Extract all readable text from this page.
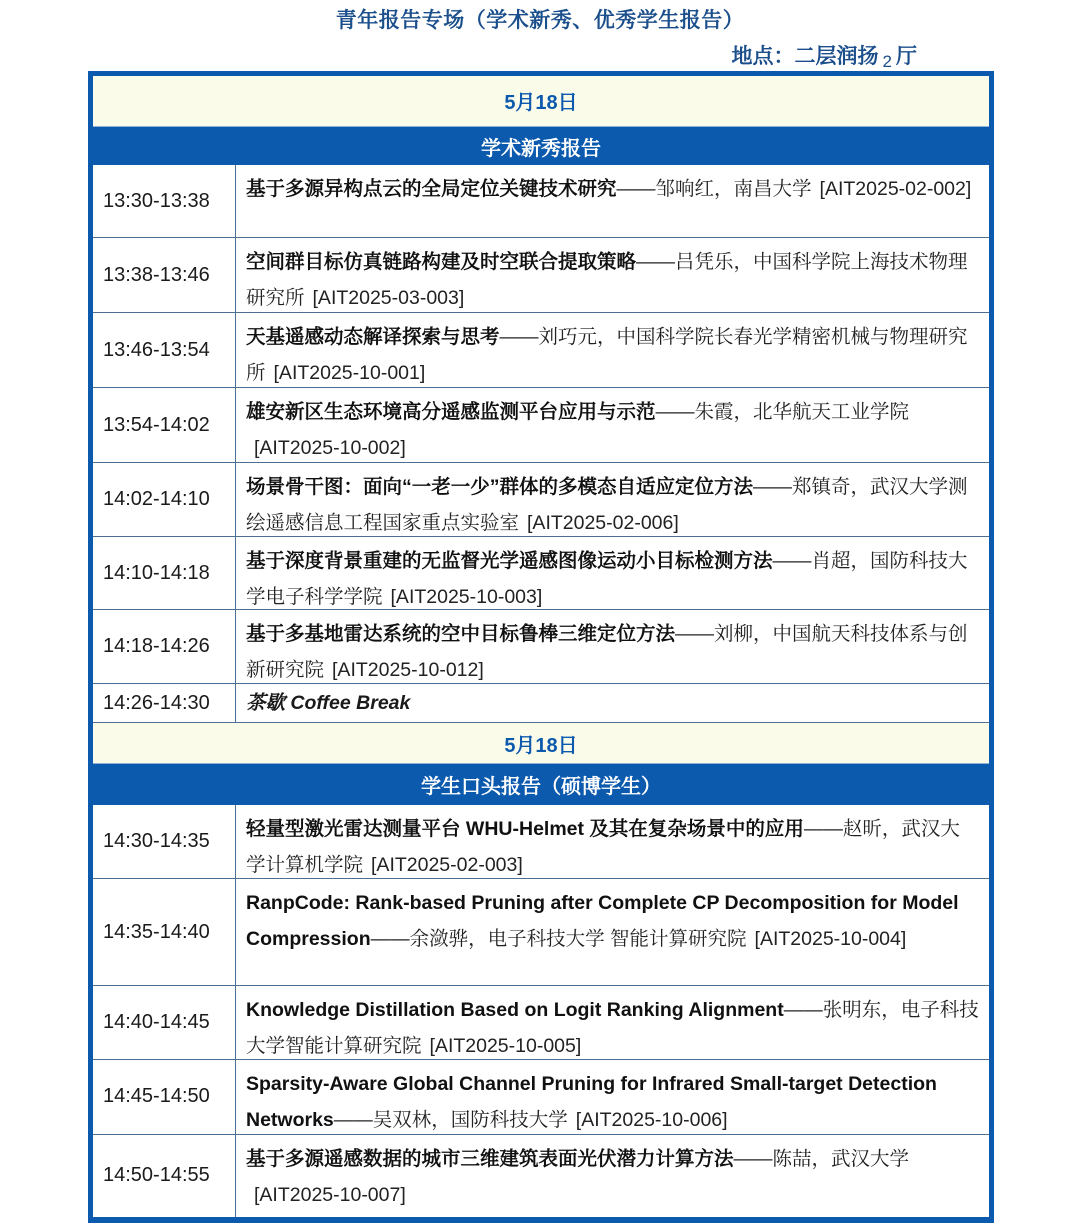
青年报告专场（学术新秀、优秀学生报告）
地点：二层润扬 2 厅
5月18日
学术新秀报告
13:30-13:38
基于多源异构点云的全局定位关键技术研究——邹响红，南昌大学 [AIT2025-02-002]
13:38-13:46
空间群目标仿真链路构建及时空联合提取策略——吕凭乐，中国科学院上海技术物理研究所 [AIT2025-03-003]
13:46-13:54
天基遥感动态解译探索与思考——刘巧元，中国科学院长春光学精密机械与物理研究所 [AIT2025-10-001]
13:54-14:02
雄安新区生态环境高分遥感监测平台应用与示范——朱霞，北华航天工业学院[AIT2025-10-002]
14:02-14:10
场景骨干图：面向“一老一少”群体的多模态自适应定位方法——郑镇奇，武汉大学测绘遥感信息工程国家重点实验室 [AIT2025-02-006]
14:10-14:18
基于深度背景重建的无监督光学遥感图像运动小目标检测方法——肖超，国防科技大学电子科学学院 [AIT2025-10-003]
14:18-14:26
基于多基地雷达系统的空中目标鲁棒三维定位方法——刘柳，中国航天科技体系与创新研究院 [AIT2025-10-012]
14:26-14:30	茶歇 Coffee Break
5月18日
学生口头报告（硕博学生）
14:30-14:35
轻量型激光雷达测量平台 WHU-Helmet 及其在复杂场景中的应用——赵昕，武汉大学计算机学院 [AIT2025-02-003]
14:35-14:40
RanpCode: Rank-based Pruning after Complete CP Decomposition for Model Compression——余潋骅，电子科技大学 智能计算研究院 [AIT2025-10-004]
14:40-14:45
Knowledge Distillation Based on Logit Ranking Alignment——张明东，电子科技大学智能计算研究院 [AIT2025-10-005]
14:45-14:50
Sparsity-Aware Global Channel Pruning for Infrared Small-target Detection Networks——吴双林，国防科技大学 [AIT2025-10-006]
14:50-14:55
基于多源遥感数据的城市三维建筑表面光伏潜力计算方法——陈喆，武汉大学[AIT2025-10-007]
